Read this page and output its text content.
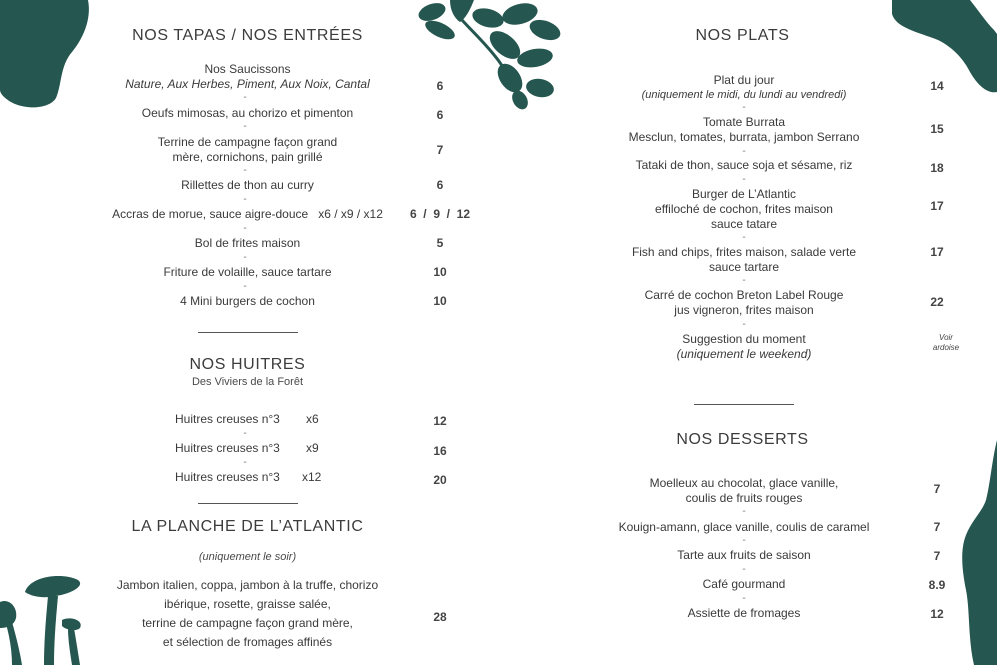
NOS TAPAS / NOS ENTRÉES
Nos Saucissons
Nature, Aux Herbes, Piment, Aux Noix, Cantal	6
-
Oeufs mimosas, au chorizo et pimenton	6
-
Terrine de campagne façon grand
mère, cornichons, pain grillé	7
-
Rillettes de thon au curry	6
-
Accras de morue, sauce aigre-douce   x6 / x9 / x12	6  /  9  /  12
-
Bol de frites maison	5
-
Friture de volaille, sauce tartare	10
-
4 Mini burgers de cochon	10
NOS HUITRES
Des Viviers de la Forêt
Huitres creuses n°3 x6	12
-
Huitres creuses n°3 x9	16
-
Huitres creuses n°3 x12	20
LA PLANCHE DE L’ATLANTIC
(uniquement le soir)
Jambon italien, coppa, jambon à la truffe, chorizo
ibérique, rosette, graisse salée,
terrine de campagne façon grand mère,
et sélection de fromages affinés
28
NOS PLATS
Plat du jour
(uniquement le midi, du lundi au vendredi)
14
-
Tomate Burrata
Mesclun, tomates, burrata, jambon Serrano
15
-
Tataki de thon, sauce soja et sésame, riz	18
-
Burger de L’Atlantic
effiloché de cochon, frites maison
sauce tatare
17
-
Fish and chips, frites maison, salade verte
sauce tartare
17
-
Carré de cochon Breton Label Rouge
jus vigneron, frites maison
22
-
Suggestion du moment
(uniquement le weekend)
Voir
ardoise
NOS DESSERTS
Moelleux au chocolat, glace vanille,
coulis de fruits rouges
7
-
Kouign-amann, glace vanille, coulis de caramel	7
-
Tarte aux fruits de saison	7
-
Café gourmand	8.9
-
Assiette de fromages	12
